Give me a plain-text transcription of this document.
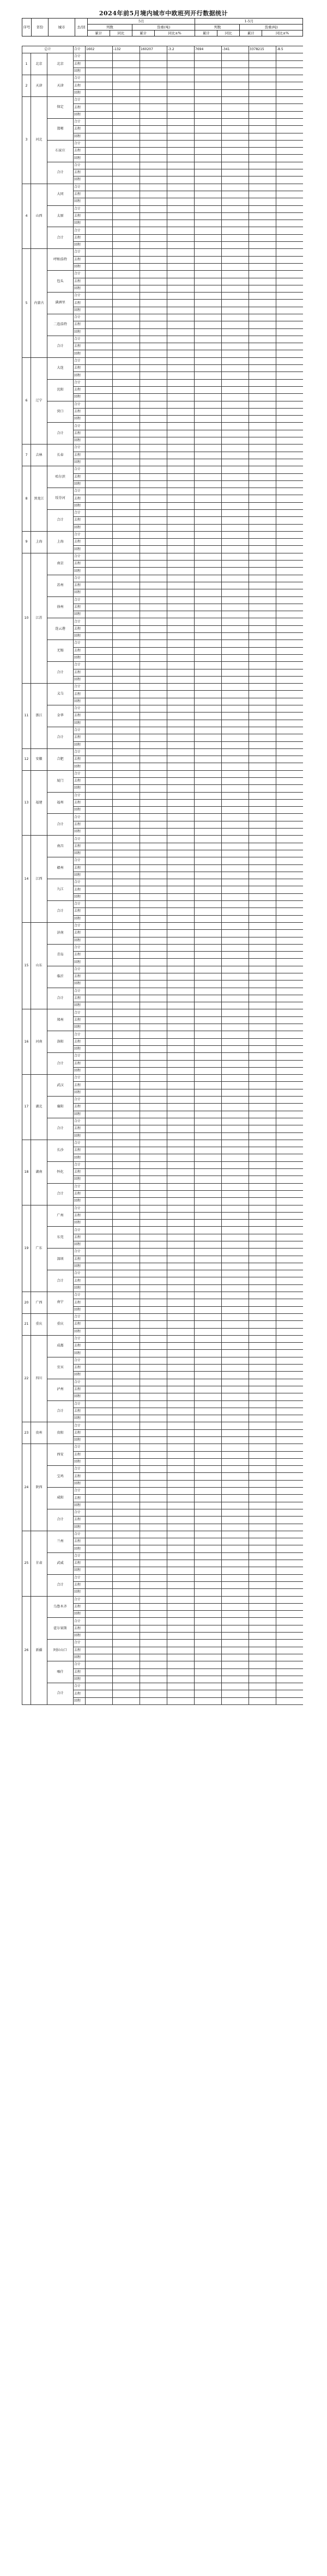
2024年前5月境内城市中欧班列开行数据统计
序号	省份	城市	去/回	5月				1-5月			
				列数		货重(吨)		列数		货重(吨)	
				累计	同比	累计	同比±%	累计	同比	累计	同比±%
总计			合计	1602	-132	160207	-3.2	7694	-341	3378215	-8.5
1	北京	北京	合计								
			去程								
			回程								
2	天津	天津	合计								
			去程								
			回程								
3	河北	保定	合计								
			去程								
			回程								
		邯郸	合计								
			去程								
			回程								
		石家庄	合计								
			去程								
			回程								
		合计	合计								
			去程								
			回程								
4	山西	大同	合计								
			去程								
			回程								
		太原	合计								
			去程								
			回程								
		合计	合计								
			去程								
			回程								
5	内蒙古	呼和浩特	合计								
			去程								
			回程								
		包头	合计								
			去程								
			回程								
		满洲里	合计								
			去程								
			回程								
		二连浩特	合计								
			去程								
			回程								
		合计	合计								
			去程								
			回程								
6	辽宁	大连	合计								
			去程								
			回程								
		沈阳	合计								
			去程								
			回程								
		营口	合计								
			去程								
			回程								
		合计	合计								
			去程								
			回程								
7	吉林	长春	合计								
			去程								
			回程								
8	黑龙江	哈尔滨	合计								
			去程								
			回程								
		绥芬河	合计								
			去程								
			回程								
		合计	合计								
			去程								
			回程								
9	上海	上海	合计								
			去程								
			回程								
10	江苏	南京	合计								
			去程								
			回程								
		苏州	合计								
			去程								
			回程								
		徐州	合计								
			去程								
			回程								
		连云港	合计								
			去程								
			回程								
		无锡	合计								
			去程								
			回程								
		合计	合计								
			去程								
			回程								
11	浙江	义乌	合计								
			去程								
			回程								
		金华	合计								
			去程								
			回程								
		合计	合计								
			去程								
			回程								
12	安徽	合肥	合计								
			去程								
			回程								
13	福建	厦门	合计								
			去程								
			回程								
		福州	合计								
			去程								
			回程								
		合计	合计								
			去程								
			回程								
14	江西	南昌	合计								
			去程								
			回程								
		赣州	合计								
			去程								
			回程								
		九江	合计								
			去程								
			回程								
		合计	合计								
			去程								
			回程								
15	山东	济南	合计								
			去程								
			回程								
		青岛	合计								
			去程								
			回程								
		临沂	合计								
			去程								
			回程								
		合计	合计								
			去程								
			回程								
16	河南	郑州	合计								
			去程								
			回程								
		洛阳	合计								
			去程								
			回程								
		合计	合计								
			去程								
			回程								
17	湖北	武汉	合计								
			去程								
			回程								
		襄阳	合计								
			去程								
			回程								
		合计	合计								
			去程								
			回程								
18	湖南	长沙	合计								
			去程								
			回程								
		怀化	合计								
			去程								
			回程								
		合计	合计								
			去程								
			回程								
19	广东	广州	合计								
			去程								
			回程								
		东莞	合计								
			去程								
			回程								
		深圳	合计								
			去程								
			回程								
		合计	合计								
			去程								
			回程								
20	广西	南宁	合计								
			去程								
			回程								
21	重庆	重庆	合计								
			去程								
			回程								
22	四川	成都	合计								
			去程								
			回程								
		宜宾	合计								
			去程								
			回程								
		泸州	合计								
			去程								
			回程								
		合计	合计								
			去程								
			回程								
23	贵州	贵阳	合计								
			去程								
			回程								
24	陕西	西安	合计								
			去程								
			回程								
		宝鸡	合计								
			去程								
			回程								
		咸阳	合计								
			去程								
			回程								
		合计	合计								
			去程								
			回程								
25	甘肃	兰州	合计								
			去程								
			回程								
		武威	合计								
			去程								
			回程								
		合计	合计								
			去程								
			回程								
26	新疆	乌鲁木齐	合计								
			去程								
			回程								
		霍尔果斯	合计								
			去程								
			回程								
		阿拉山口	合计								
			去程								
			回程								
		喀什	合计								
			去程								
			回程								
		合计	合计								
			去程								
			回程								
